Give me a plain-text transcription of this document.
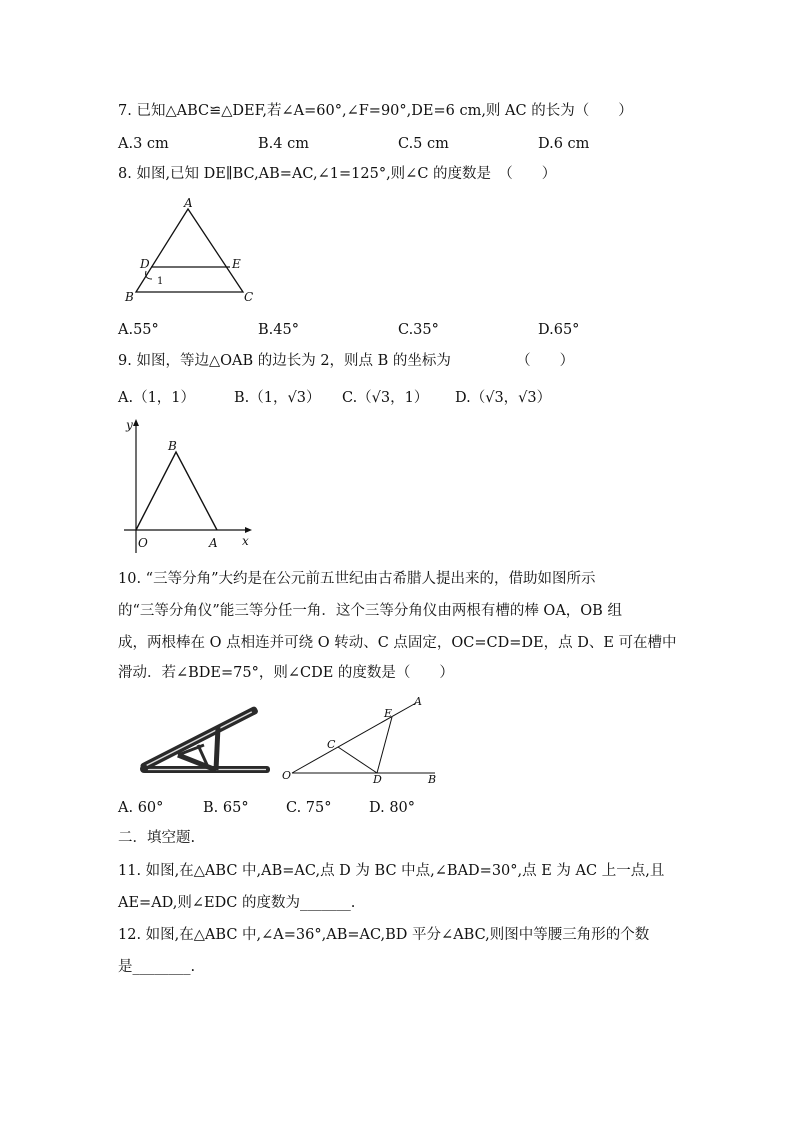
7. 已知△ABC≌△DEF,若∠A=60°,∠F=90°,DE=6 cm,则 AC 的长为（　　）
A.3 cm	B.4 cm	C.5 cm	D.6 cm
8. 如图,已知 DE∥BC,AB=AC,∠1=125°,则∠C 的度数是　（　　）
A
D	E
1
B	C
A.55°	B.45°	C.35°	D.65°
9. 如图，等边△OAB 的边长为 2，则点 B 的坐标为　　　　　（　　）
A.（1，1）	B.（1，√3） C.（√3，1） D.（√3，√3）
y
B
O	A x
10. “三等分角”大约是在公元前五世纪由古希腊人提出来的，借助如图所示
的“三等分角仪”能三等分任一角．这个三等分角仪由两根有槽的棒 OA，OB 组
成，两根棒在 O 点相连并可绕 O 转动、C 点固定，OC=CD=DE，点 D、E 可在槽中
滑动．若∠BDE=75°，则∠CDE 的度数是（　　）
A
E
C
O	D	B
A. 60°	B. 65°	C. 75°	D. 80°
二．填空题.
11. 如图,在△ABC 中,AB=AC,点 D 为 BC 中点,∠BAD=30°,点 E 为 AC 上一点,且
AE=AD,则∠EDC 的度数为_______.
12. 如图,在△ABC 中,∠A=36°,AB=AC,BD 平分∠ABC,则图中等腰三角形的个数
是________.
